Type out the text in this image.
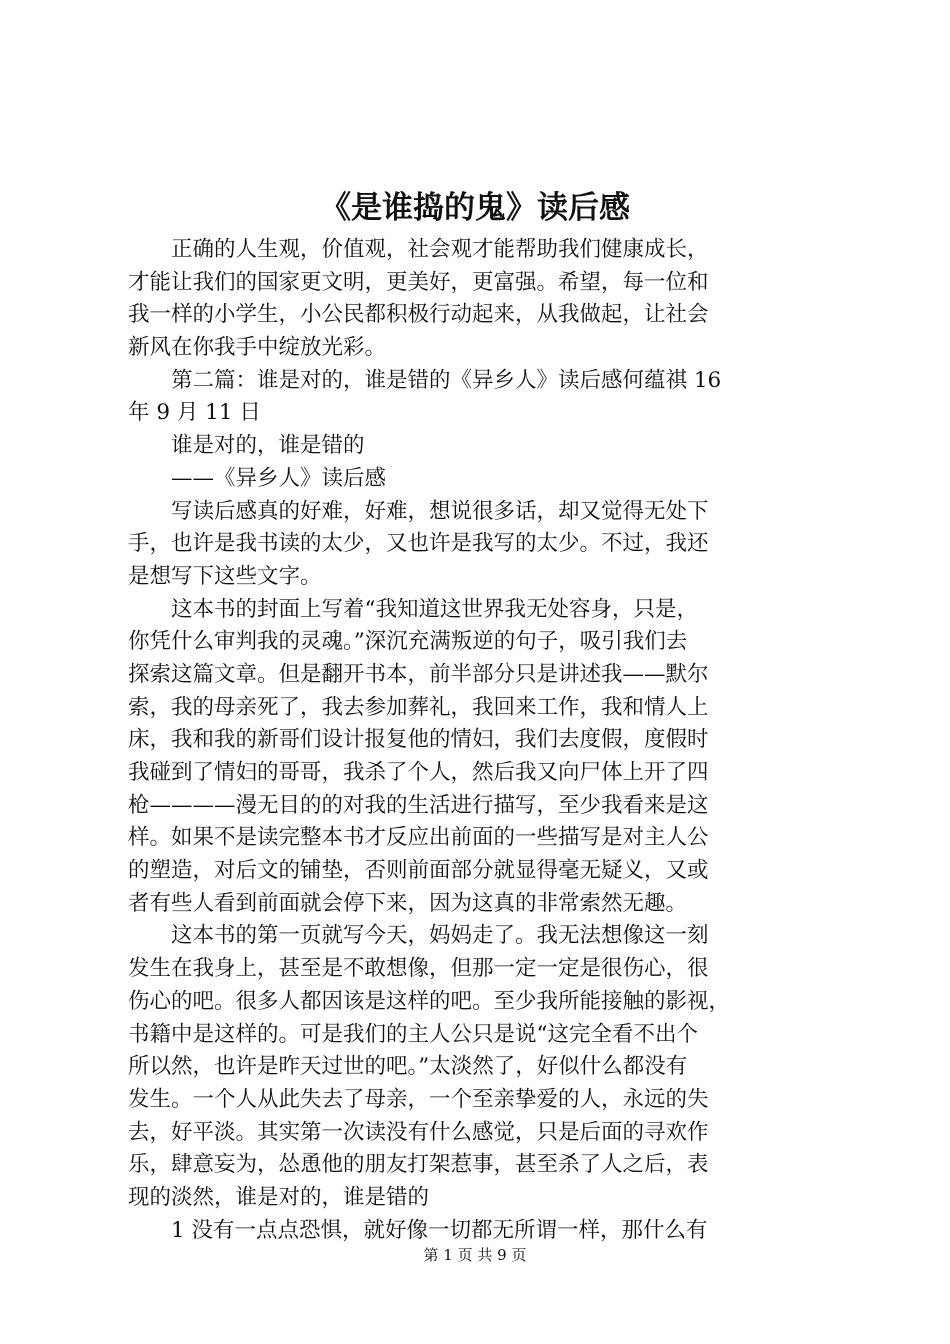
《是谁捣的鬼》读后感
　　正确的人生观，价值观，社会观才能帮助我们健康成长，
才能让我们的国家更文明，更美好，更富强。希望，每一位和
我一样的小学生，小公民都积极行动起来，从我做起，让社会
新风在你我手中绽放光彩。
　　第二篇：谁是对的，谁是错的《异乡人》读后感何蕴祺 16
年 9 月 11 日
　　谁是对的，谁是错的
　　——《异乡人》读后感
　　写读后感真的好难，好难，想说很多话，却又觉得无处下
手，也许是我书读的太少，又也许是我写的太少。不过，我还
是想写下这些文字。
　　这本书的封面上写着“我知道这世界我无处容身，只是，
你凭什么审判我的灵魂。”深沉充满叛逆的句子，吸引我们去
探索这篇文章。但是翻开书本，前半部分只是讲述我——默尔
索，我的母亲死了，我去参加葬礼，我回来工作，我和情人上
床，我和我的新哥们设计报复他的情妇，我们去度假，度假时
我碰到了情妇的哥哥，我杀了个人，然后我又向尸体上开了四
枪————漫无目的的对我的生活进行描写，至少我看来是这
样。如果不是读完整本书才反应出前面的一些描写是对主人公
的塑造，对后文的铺垫，否则前面部分就显得毫无疑义，又或
者有些人看到前面就会停下来，因为这真的非常索然无趣。
　　这本书的第一页就写今天，妈妈走了。我无法想像这一刻
发生在我身上，甚至是不敢想像，但那一定一定是很伤心，很
伤心的吧。很多人都因该是这样的吧。至少我所能接触的影视，
书籍中是这样的。可是我们的主人公只是说“这完全看不出个
所以然，也许是昨天过世的吧。”太淡然了，好似什么都没有
发生。一个人从此失去了母亲，一个至亲挚爱的人，永远的失
去，好平淡。其实第一次读没有什么感觉，只是后面的寻欢作
乐，肆意妄为，怂恿他的朋友打架惹事，甚至杀了人之后，表
现的淡然，谁是对的，谁是错的
　　1 没有一点点恐惧，就好像一切都无所谓一样，那什么有
第 1 页 共 9 页
